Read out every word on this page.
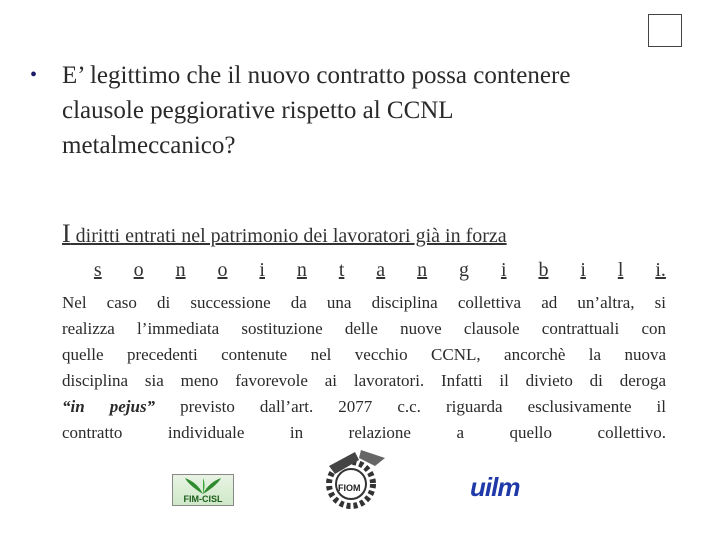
• E’ legittimo che il nuovo contratto possa contenere
clausole peggiorative rispetto al CCNL
metalmeccanico?
I diritti entrati nel patrimonio dei lavoratori già in forza
s o n o i n t a n g i b i l i.

Nel caso di successione da una disciplina collettiva ad un’altra, si

realizza l’immediata sostituzione delle nuove clausole contrattuali con

quelle precedenti contenute nel vecchio CCNL, ancorchè la nuova

disciplina sia meno favorevole ai lavoratori. Infatti il divieto di deroga

“in pejus” previsto dall’art. 2077 c.c. riguarda esclusivamente il

contratto individuale in relazione a quello collettivo.

FIM-CISL
FIOM	uilm
